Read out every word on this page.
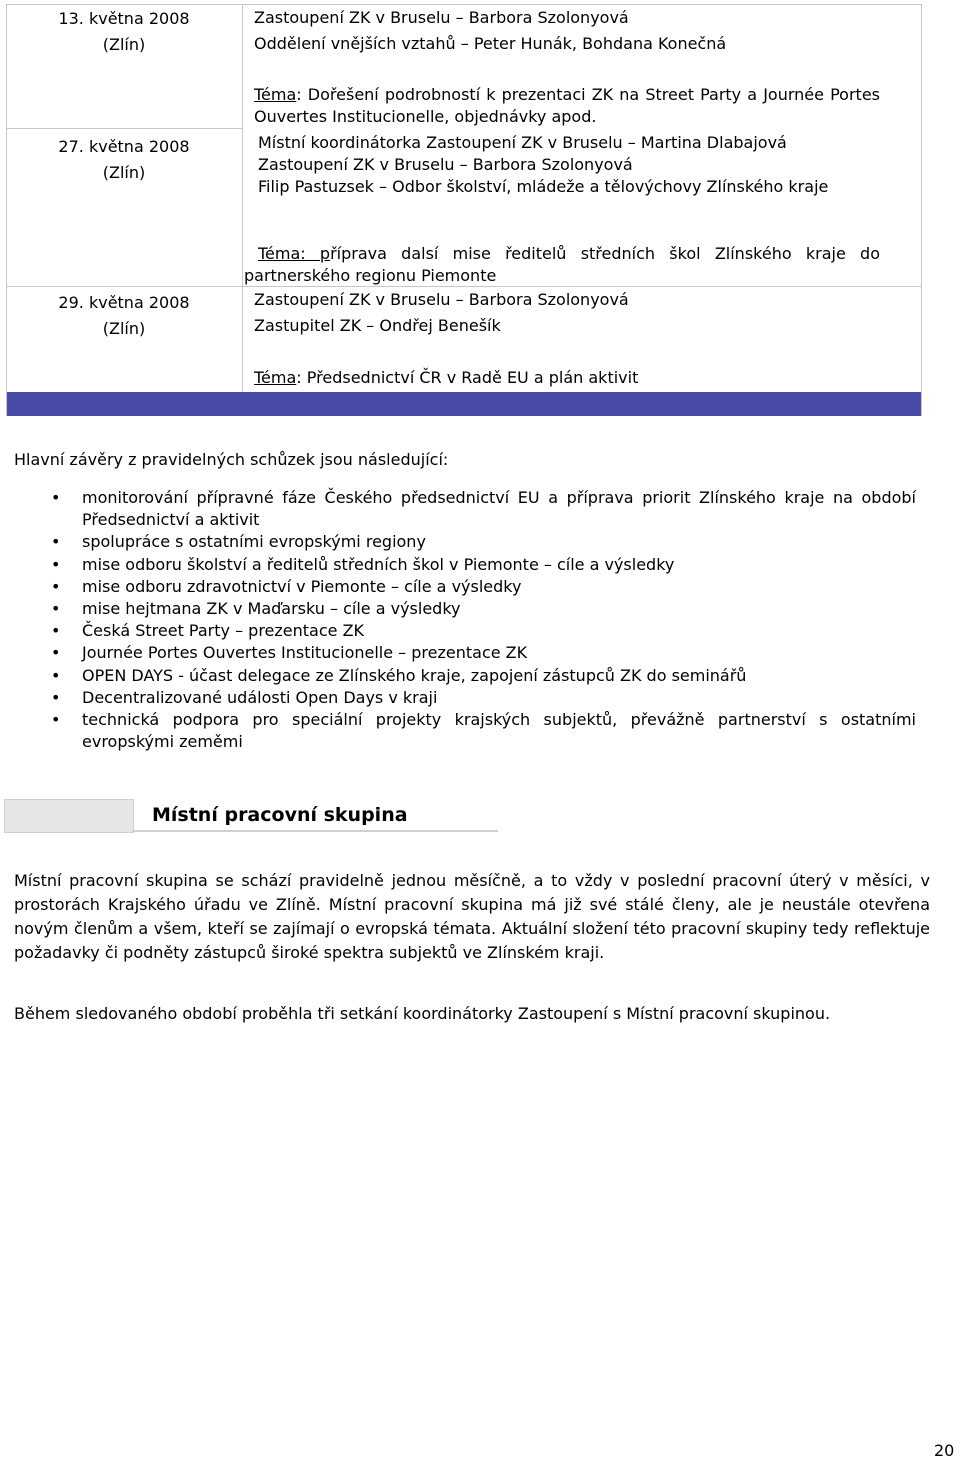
13. května 2008
(Zlín)
Zastoupení ZK v Bruselu – Barbora Szolonyová
Oddělení vnějších vztahů – Peter Hunák, Bohdana Konečná
Téma: Dořešení podrobností k prezentaci ZK na Street Party a Journée Portes Ouvertes Institucionelle, objednávky apod.
27. května 2008
(Zlín)
Místní koordinátorka Zastoupení ZK v Bruselu – Martina Dlabajová
Zastoupení ZK v Bruselu – Barbora Szolonyová
Filip Pastuzsek – Odbor školství, mládeže a tělovýchovy Zlínského kraje
Téma: příprava dalsí mise ředitelů středních škol Zlínského kraje do partnerského regionu Piemonte
29. května 2008
(Zlín)
Zastoupení ZK v Bruselu – Barbora Szolonyová
Zastupitel ZK – Ondřej Benešík
Téma: Předsednictví ČR v Radě EU a plán aktivit
Hlavní závěry z pravidelných schůzek jsou následující:
• monitorování přípravné fáze Českého předsednictví EU a příprava priorit Zlínského kraje na období Předsednictví a aktivit
• spolupráce s ostatními evropskými regiony
• mise odboru školství a ředitelů středních škol v Piemonte – cíle a výsledky
• mise odboru zdravotnictví v Piemonte – cíle a výsledky
• mise hejtmana ZK v Maďarsku – cíle a výsledky
• Česká Street Party – prezentace ZK
• Journée Portes Ouvertes Institucionelle – prezentace ZK
• OPEN DAYS - účast delegace ze Zlínského kraje, zapojení zástupců ZK do seminářů
• Decentralizované události Open Days v kraji
• technická podpora pro speciální projekty krajských subjektů, převážně partnerství s ostatními evropskými zeměmi
Místní pracovní skupina
Místní pracovní skupina se schází pravidelně jednou měsíčně, a to vždy v poslední pracovní úterý v měsíci, v prostorách Krajského úřadu ve Zlíně. Místní pracovní skupina má již své stálé členy, ale je neustále otevřena novým členům a všem, kteří se zajímají o evropská témata. Aktuální složení této pracovní skupiny tedy reflektuje požadavky či podněty zástupců široké spektra subjektů ve Zlínském kraji.
Během sledovaného období proběhla tři setkání koordinátorky Zastoupení s Místní pracovní skupinou.
20
